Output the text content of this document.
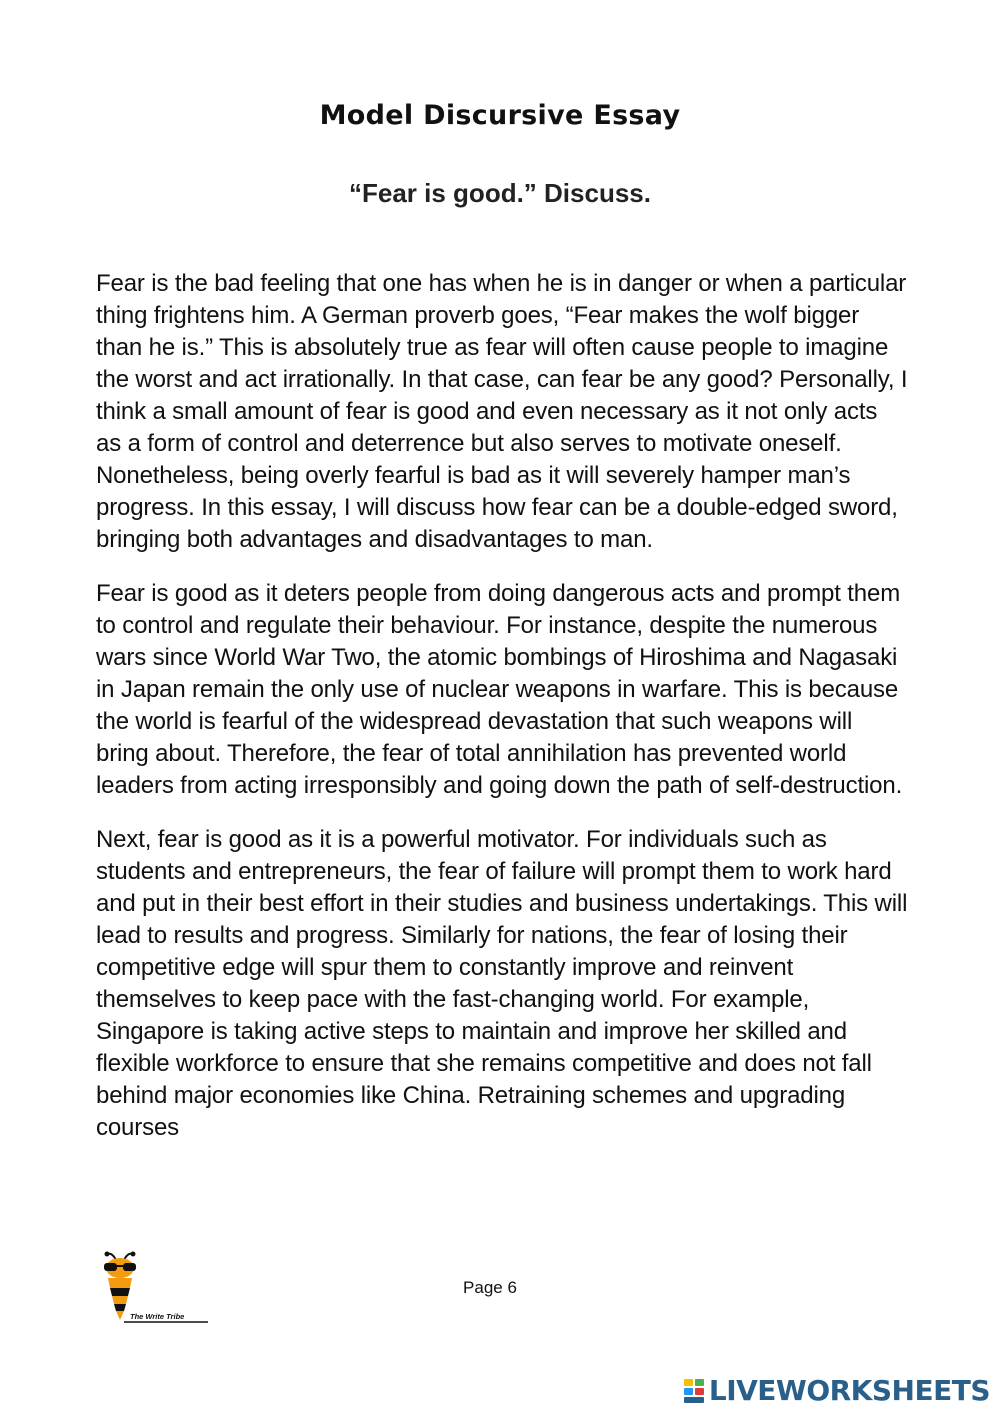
Model Discursive Essay
“Fear is good.” Discuss.

Fear is the bad feeling that one has when he is in danger or when a particular thing frightens him. A German proverb goes, “Fear makes the wolf bigger than he is.” This is absolutely true as fear will often cause people to imagine the worst and act irrationally. In that case, can fear be any good? Personally, I think a small amount of fear is good and even necessary as it not only acts as a form of control and deterrence but also serves to motivate oneself. Nonetheless, being overly fearful is bad as it will severely hamper man’s progress. In this essay, I will discuss how fear can be a double-edged sword, bringing both advantages and disadvantages to man.

Fear is good as it deters people from doing dangerous acts and prompt them to control and regulate their behaviour. For instance, despite the numerous wars since World War Two, the atomic bombings of Hiroshima and Nagasaki in Japan remain the only use of nuclear weapons in warfare. This is because the world is fearful of the widespread devastation that such weapons will bring about. Therefore, the fear of total annihilation has prevented world leaders from acting irresponsibly and going down the path of self-destruction.

Next, fear is good as it is a powerful motivator. For individuals such as students and entrepreneurs, the fear of failure will prompt them to work hard and put in their best effort in their studies and business undertakings. This will lead to results and progress. Similarly for nations, the fear of losing their competitive edge will spur them to constantly improve and reinvent themselves to keep pace with the fast-changing world. For example, Singapore is taking active steps to maintain and improve her skilled and flexible workforce to ensure that she remains competitive and does not fall behind major economies like China. Retraining schemes and upgrading courses

The Write Tribe
Page 6
LIVEWORKSHEETS
